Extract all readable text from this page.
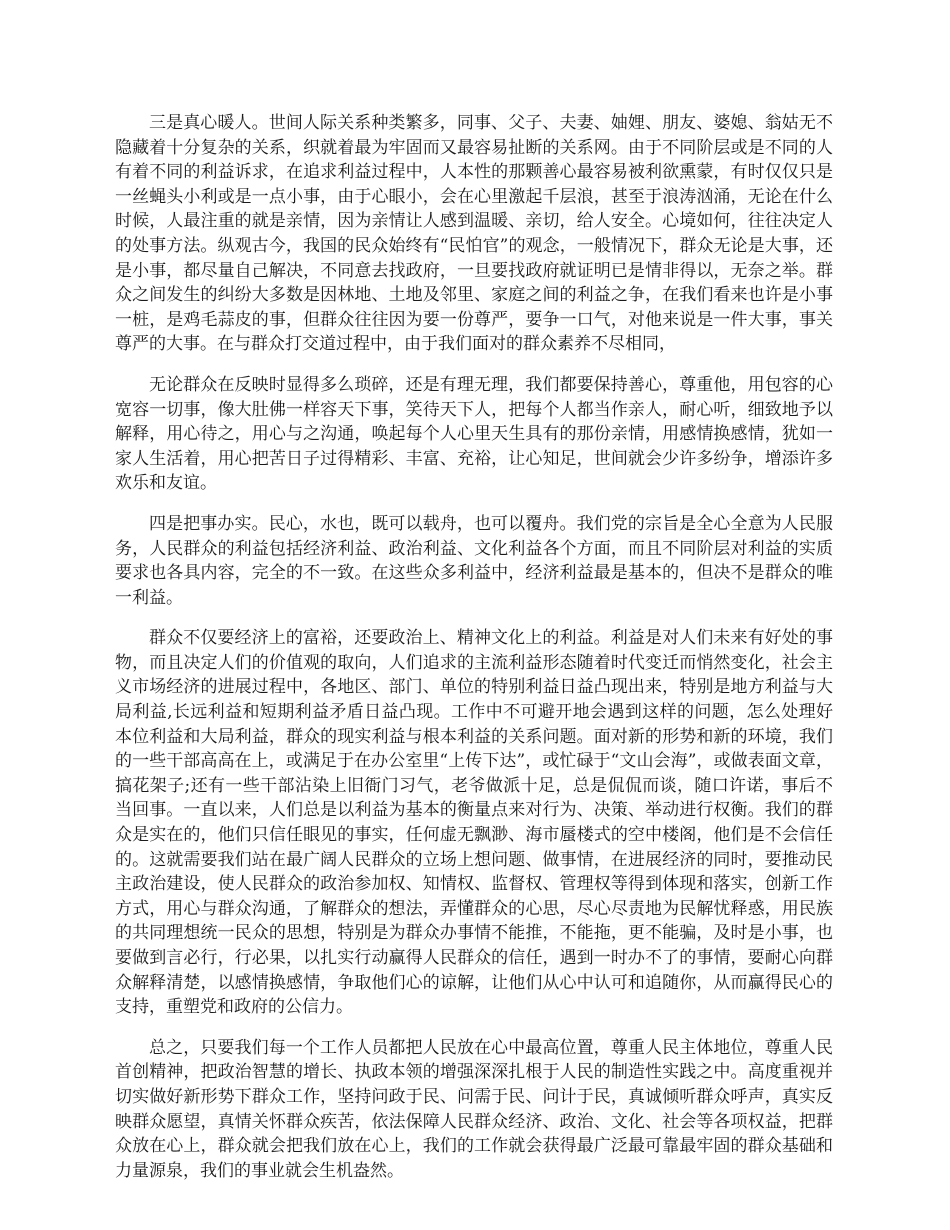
三是真心暖人。世间人际关系种类繁多，同事、父子、夫妻、妯娌、朋友、婆媳、翁姑无不隐藏着十分复杂的关系，织就着最为牢固而又最容易扯断的关系网。由于不同阶层或是不同的人有着不同的利益诉求，在追求利益过程中，人本性的那颗善心最容易被利欲熏蒙，有时仅仅只是一丝蝇头小利或是一点小事，由于心眼小，会在心里激起千层浪，甚至于浪涛汹涌，无论在什么时候，人最注重的就是亲情，因为亲情让人感到温暖、亲切，给人安全。心境如何，往往决定人的处事方法。纵观古今，我国的民众始终有“民怕官”的观念，一般情况下，群众无论是大事，还是小事，都尽量自己解决，不同意去找政府，一旦要找政府就证明已是情非得以，无奈之举。群众之间发生的纠纷大多数是因林地、土地及邻里、家庭之间的利益之争，在我们看来也许是小事一桩，是鸡毛蒜皮的事，但群众往往因为要一份尊严，要争一口气，对他来说是一件大事，事关尊严的大事。在与群众打交道过程中，由于我们面对的群众素养不尽相同，

无论群众在反映时显得多么琐碎，还是有理无理，我们都要保持善心，尊重他，用包容的心宽容一切事，像大肚佛一样容天下事，笑待天下人，把每个人都当作亲人，耐心听，细致地予以解释，用心待之，用心与之沟通，唤起每个人心里天生具有的那份亲情，用感情换感情，犹如一家人生活着，用心把苦日子过得精彩、丰富、充裕，让心知足，世间就会少许多纷争，增添许多欢乐和友谊。

四是把事办实。民心，水也，既可以载舟，也可以覆舟。我们党的宗旨是全心全意为人民服务，人民群众的利益包括经济利益、政治利益、文化利益各个方面，而且不同阶层对利益的实质要求也各具内容，完全的不一致。在这些众多利益中，经济利益最是基本的，但决不是群众的唯一利益。

群众不仅要经济上的富裕，还要政治上、精神文化上的利益。利益是对人们未来有好处的事物，而且决定人们的价值观的取向，人们追求的主流利益形态随着时代变迁而悄然变化，社会主义市场经济的进展过程中，各地区、部门、单位的特别利益日益凸现出来，特别是地方利益与大局利益,长远利益和短期利益矛盾日益凸现。工作中不可避开地会遇到这样的问题，怎么处理好本位利益和大局利益，群众的现实利益与根本利益的关系问题。面对新的形势和新的环境，我们的一些干部高高在上，或满足于在办公室里“上传下达”，或忙碌于“文山会海”，或做表面文章，搞花架子;还有一些干部沾染上旧衙门习气，老爷做派十足，总是侃侃而谈，随口许诺，事后不当回事。一直以来，人们总是以利益为基本的衡量点来对行为、决策、举动进行权衡。我们的群众是实在的，他们只信任眼见的事实，任何虚无飘渺、海市蜃楼式的空中楼阁，他们是不会信任的。这就需要我们站在最广阔人民群众的立场上想问题、做事情，在进展经济的同时，要推动民主政治建设，使人民群众的政治参加权、知情权、监督权、管理权等得到体现和落实，创新工作方式，用心与群众沟通，了解群众的想法，弄懂群众的心思，尽心尽责地为民解忧释惑，用民族的共同理想统一民众的思想，特别是为群众办事情不能推，不能拖，更不能骗，及时是小事，也要做到言必行，行必果，以扎实行动赢得人民群众的信任，遇到一时办不了的事情，要耐心向群众解释清楚，以感情换感情，争取他们心的谅解，让他们从心中认可和追随你，从而赢得民心的支持，重塑党和政府的公信力。

总之，只要我们每一个工作人员都把人民放在心中最高位置，尊重人民主体地位，尊重人民首创精神，把政治智慧的增长、执政本领的增强深深扎根于人民的制造性实践之中。高度重视并切实做好新形势下群众工作，坚持问政于民、问需于民、问计于民，真诚倾听群众呼声，真实反映群众愿望，真情关怀群众疾苦，依法保障人民群众经济、政治、文化、社会等各项权益，把群众放在心上，群众就会把我们放在心上，我们的工作就会获得最广泛最可靠最牢固的群众基础和力量源泉，我们的事业就会生机盎然。
